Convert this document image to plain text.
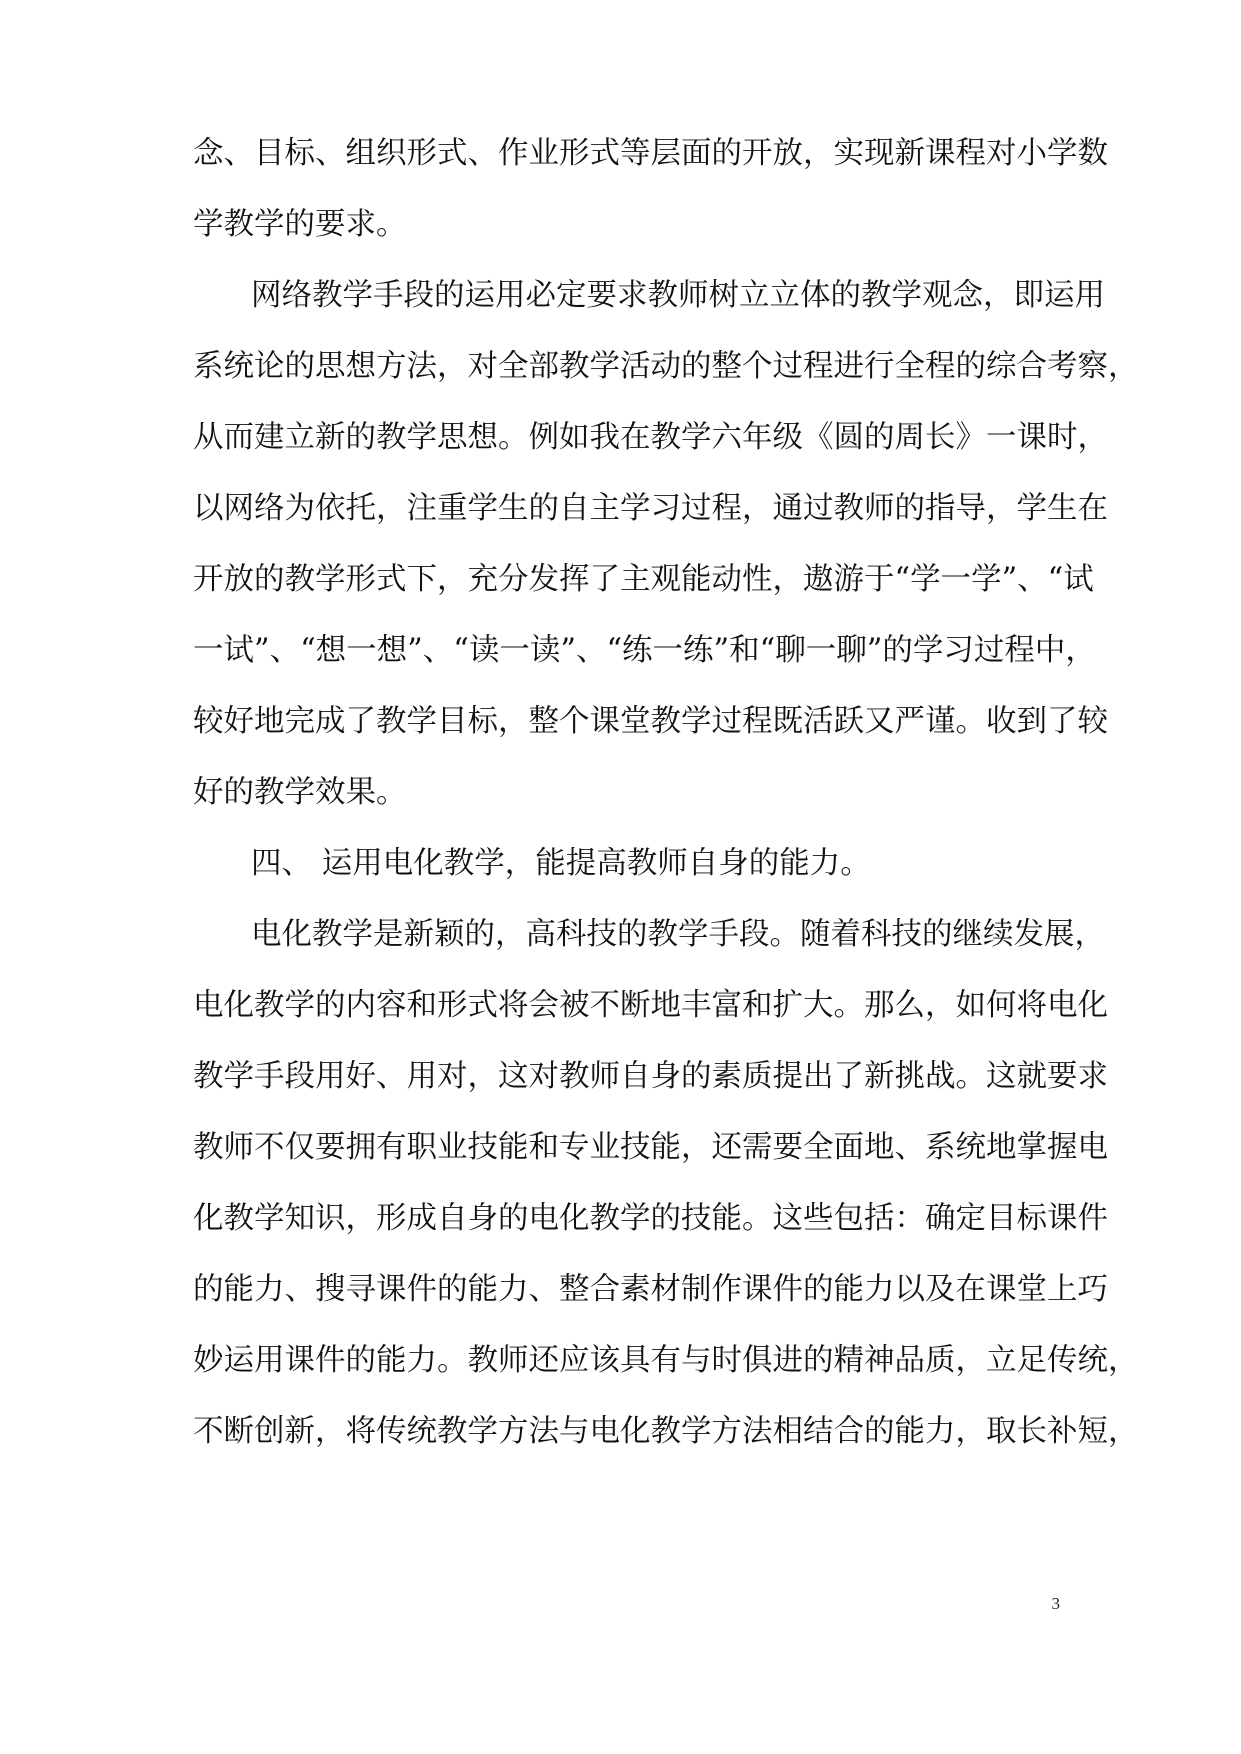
念、目标、组织形式、作业形式等层面的开放，实现新课程对小学数
学教学的要求。
网络教学手段的运用必定要求教师树立立体的教学观念，即运用
系统论的思想方法，对全部教学活动的整个过程进行全程的综合考察，
从而建立新的教学思想。例如我在教学六年级《圆的周长》一课时，
以网络为依托，注重学生的自主学习过程，通过教师的指导，学生在
开放的教学形式下，充分发挥了主观能动性，遨游于“学一学”、“试
一试”、“想一想”、“读一读”、“练一练”和“聊一聊”的学习过程中，
较好地完成了教学目标，整个课堂教学过程既活跃又严谨。收到了较
好的教学效果。
四、 运用电化教学，能提高教师自身的能力。
电化教学是新颖的，高科技的教学手段。随着科技的继续发展，
电化教学的内容和形式将会被不断地丰富和扩大。那么，如何将电化
教学手段用好、用对，这对教师自身的素质提出了新挑战。这就要求
教师不仅要拥有职业技能和专业技能，还需要全面地、系统地掌握电
化教学知识，形成自身的电化教学的技能。这些包括：确定目标课件
的能力、搜寻课件的能力、整合素材制作课件的能力以及在课堂上巧
妙运用课件的能力。教师还应该具有与时俱进的精神品质，立足传统，
不断创新，将传统教学方法与电化教学方法相结合的能力，取长补短，
3
